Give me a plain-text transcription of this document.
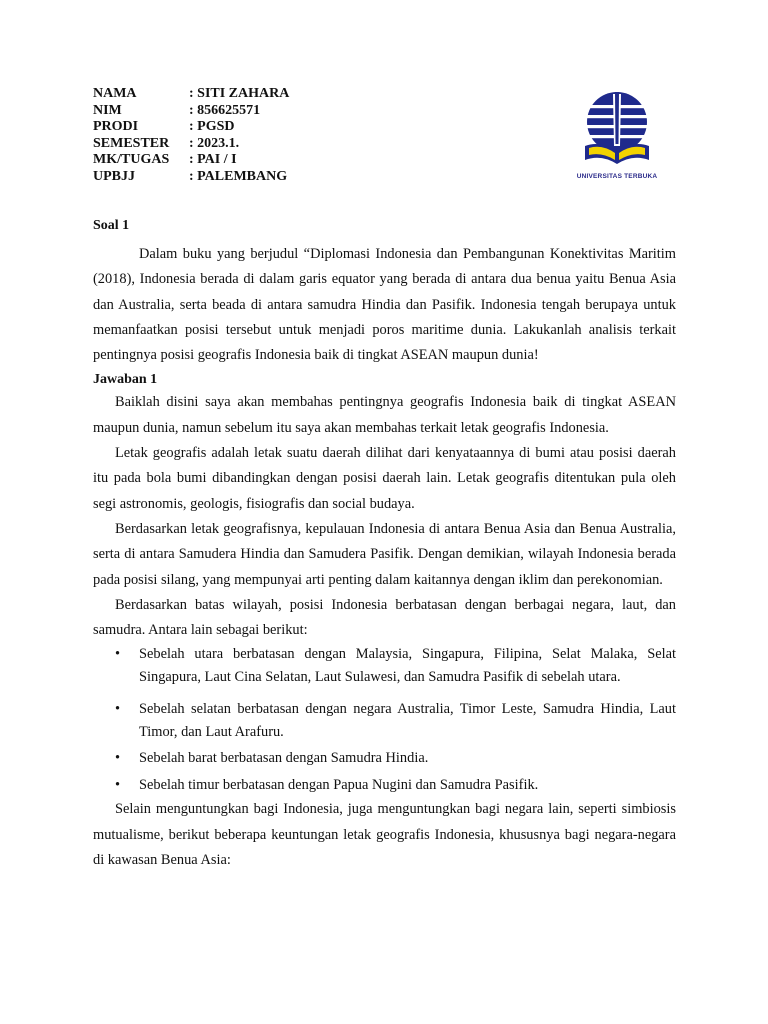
NAMA	: SITI ZAHARA
NIM	: 856625571
PRODI	: PGSD
SEMESTER	: 2023.1.
MK/TUGAS	: PAI / I
UPBJJ	: PALEMBANG	UNIVERSITAS TERBUKA
Soal 1

Dalam buku yang berjudul “Diplomasi Indonesia dan Pembangunan Konektivitas Maritim (2018), Indonesia berada di dalam garis equator yang berada di antara dua benua yaitu Benua Asia dan Australia, serta beada di antara samudra Hindia dan Pasifik. Indonesia tengah berupaya untuk memanfaatkan posisi tersebut untuk menjadi poros maritime dunia. Lakukanlah analisis terkait pentingnya posisi geografis Indonesia baik di tingkat ASEAN maupun dunia!

Jawaban 1

Baiklah disini saya akan membahas pentingnya geografis Indonesia baik di tingkat ASEAN maupun dunia, namun sebelum itu saya akan membahas terkait letak geografis Indonesia.

Letak geografis adalah letak suatu daerah dilihat dari kenyataannya di bumi atau posisi daerah itu pada bola bumi dibandingkan dengan posisi daerah lain. Letak geografis ditentukan pula oleh segi astronomis, geologis, fisiografis dan social budaya.

Berdasarkan letak geografisnya, kepulauan Indonesia di antara Benua Asia dan Benua Australia, serta di antara Samudera Hindia dan Samudera Pasifik. Dengan demikian, wilayah Indonesia berada pada posisi silang, yang mempunyai arti penting dalam kaitannya dengan iklim dan perekonomian.

Berdasarkan batas wilayah, posisi Indonesia berbatasan dengan berbagai negara, laut, dan samudra. Antara lain sebagai berikut:

• Sebelah utara berbatasan dengan Malaysia, Singapura, Filipina, Selat Malaka, Selat Singapura, Laut Cina Selatan, Laut Sulawesi, dan Samudra Pasifik di sebelah utara.
• Sebelah selatan berbatasan dengan negara Australia, Timor Leste, Samudra Hindia, Laut Timor, dan Laut Arafuru.
• Sebelah barat berbatasan dengan Samudra Hindia.
• Sebelah timur berbatasan dengan Papua Nugini dan Samudra Pasifik.

Selain menguntungkan bagi Indonesia, juga menguntungkan bagi negara lain, seperti simbiosis mutualisme, berikut beberapa keuntungan letak geografis Indonesia, khususnya bagi negara-negara di kawasan Benua Asia:
